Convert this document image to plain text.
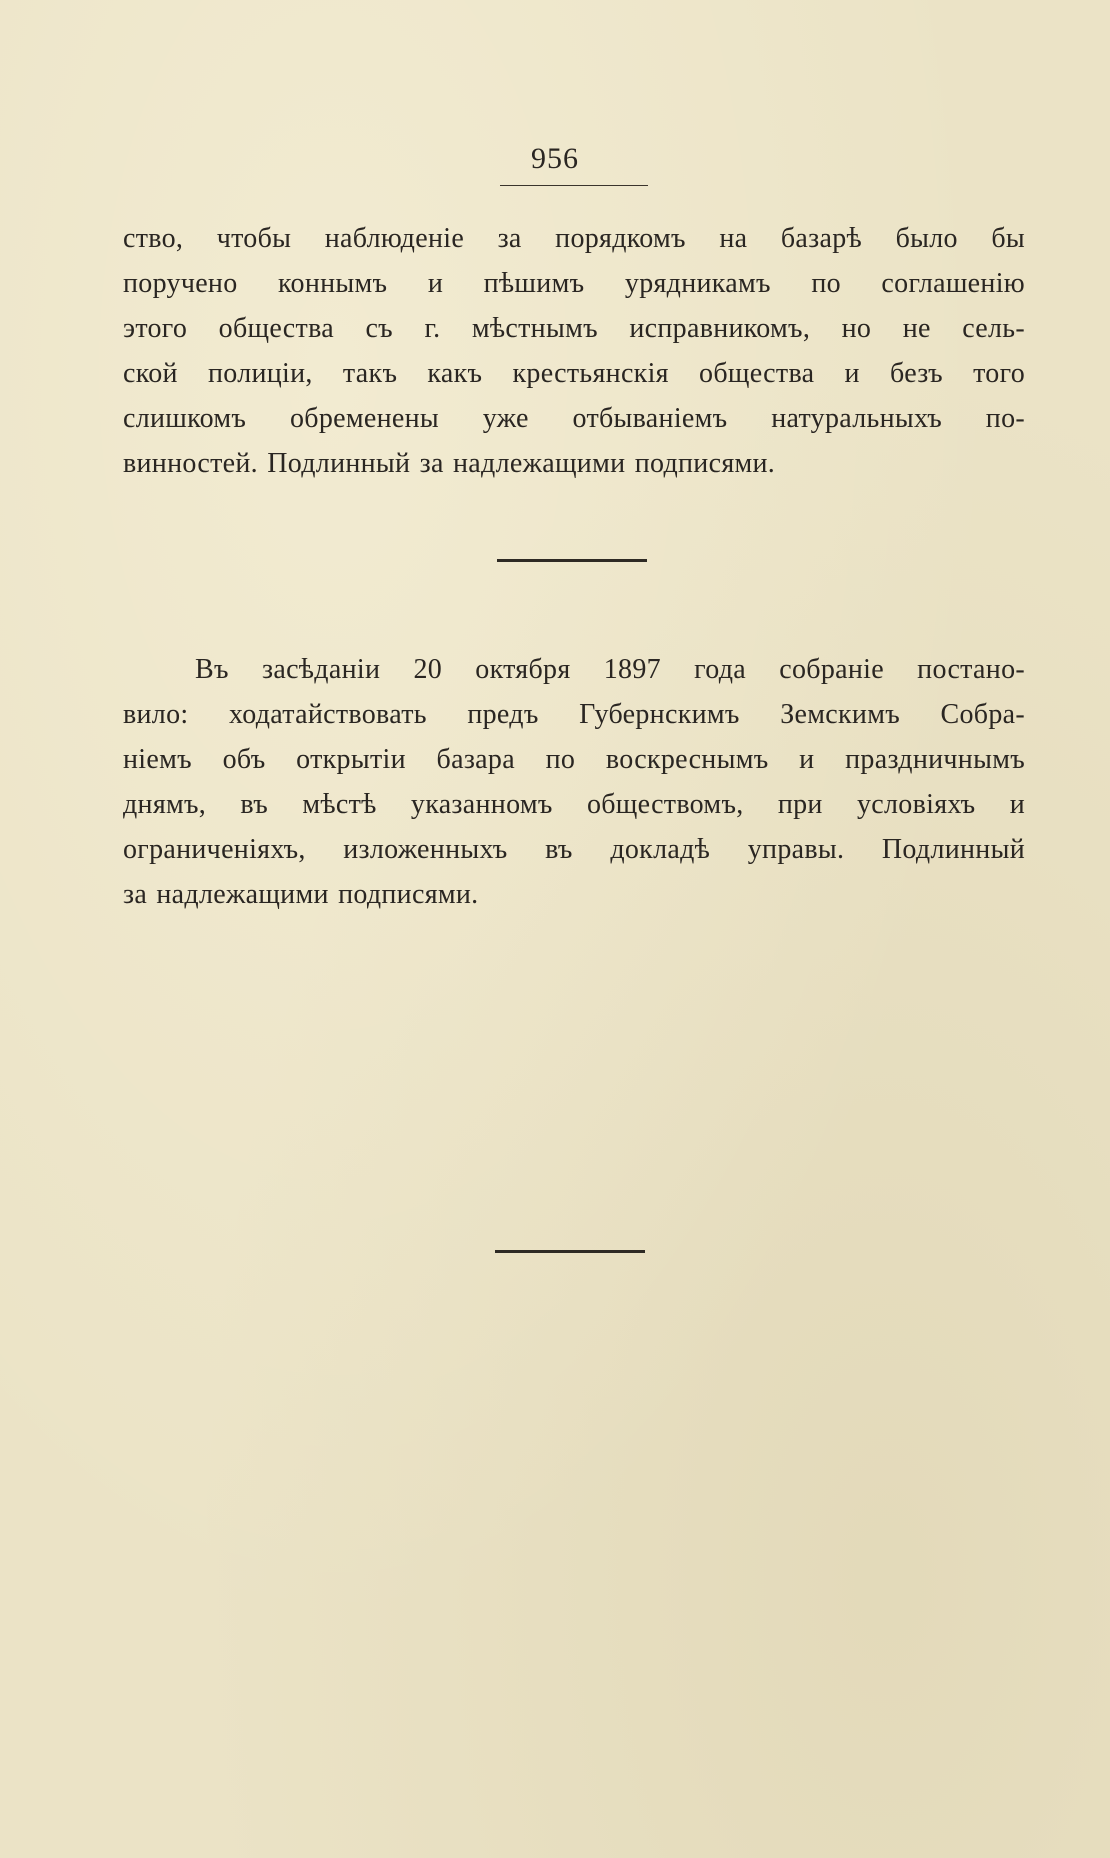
956
ство, чтобы наблюденіе за порядкомъ на базарѣ было бы
поручено коннымъ и пѣшимъ урядникамъ по соглашенію
этого общества съ г. мѣстнымъ исправникомъ, но не сель-
ской полиціи, такъ какъ крестьянскія общества и безъ того
слишкомъ обременены уже отбываніемъ натуральныхъ по-
винностей. Подлинный за надлежащими подписями.
Въ засѣданіи 20 октября 1897 года собраніе постано-
вило: ходатайствовать предъ Губернскимъ Земскимъ Собра-
ніемъ объ открытіи базара по воскреснымъ и праздничнымъ
днямъ, въ мѣстѣ указанномъ обществомъ, при условіяхъ и
ограниченіяхъ, изложенныхъ въ докладѣ управы. Подлинный
за надлежащими подписями.
